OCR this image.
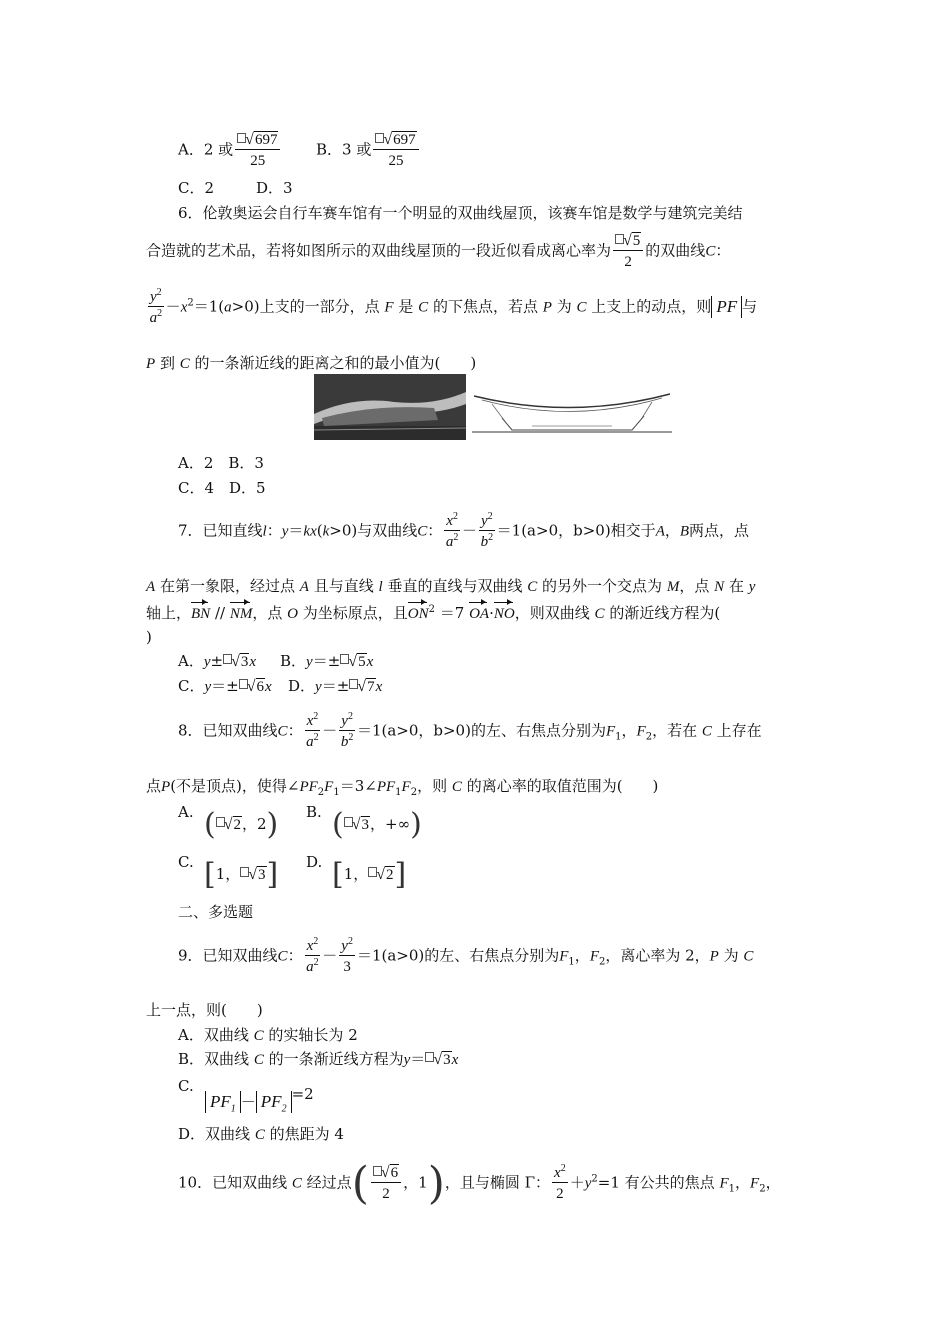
A．2 或 $\frac{√697}{25}$ B．3 或 $\frac{√697}{25}$
C．2	D．3
6．伦敦奥运会自行车赛车馆有一个明显的双曲线屋顶，该赛车馆是数学与建筑完美结
合造就的艺术品，若将如图所示的双曲线屋顶的一段近似看成离心率为 $\frac{√5}{2}$ 的双曲线C：
$\frac{y^2}{a^2} -x^2=1(a>0)$上支的一部分，点 F 是 C 的下焦点，若点 P 为 C 上支上的动点，则 PF 与
P 到 C 的一条渐近线的距离之和的最小值为(　　)
A．2　B．3
C．4　D．5
7．已知直线l：y＝kx(k>0)与双曲线C： $\frac{x^2}{a^2} - \frac{y^2}{b^2} =1(a>0$，b>0)相交于A，B两点，点
A 在第一象限，经过点 A 且与直线 l 垂直的直线与双曲线 C 的另外一个交点为 M，点 N 在 y
轴上，BN // NM，点 O 为坐标原点，且$ON^2 =7$ OA·NO，则双曲线 C 的渐近线方程为(
)
A．y± √3x B．y＝± √5x
C．y＝± √6x D．y＝± √7x
8．已知双曲线C： $\frac{x^2}{a^2} - \frac{y^2}{b^2} =1(a>0$，b>0)的左、右焦点分别为$F_1$，$F_2$，若在 C 上存在
点P(不是顶点)，使得$\angle PF_2F_1=3\angle PF_1F_2$，则 C 的离心率的取值范围为(　　)
A. ( √2，2) B. ( √3，+∞)
C. [1， √3] D. [1， √2]
二、多选题
9．已知双曲线C： $\frac{x^2}{a^2} - \frac{y^2}{3} =1(a>0)$的左、右焦点分别为$F_1$，$F_2$，离心率为 2，P 为 C
上一点，则(　　)
A．双曲线 C 的实轴长为 2
B．双曲线 C 的一条渐近线方程为y＝ √3x
C.
$PF_1 - PF_2=2$
D．双曲线 C 的焦距为 4
10．已知双曲线 C 经过点( $\frac{√6}{2}$ ，1)，且与椭圆 Γ： $\frac{x^2}{2} +y^2=1$ 有公共的焦点 $F_1$，$F_2$，
